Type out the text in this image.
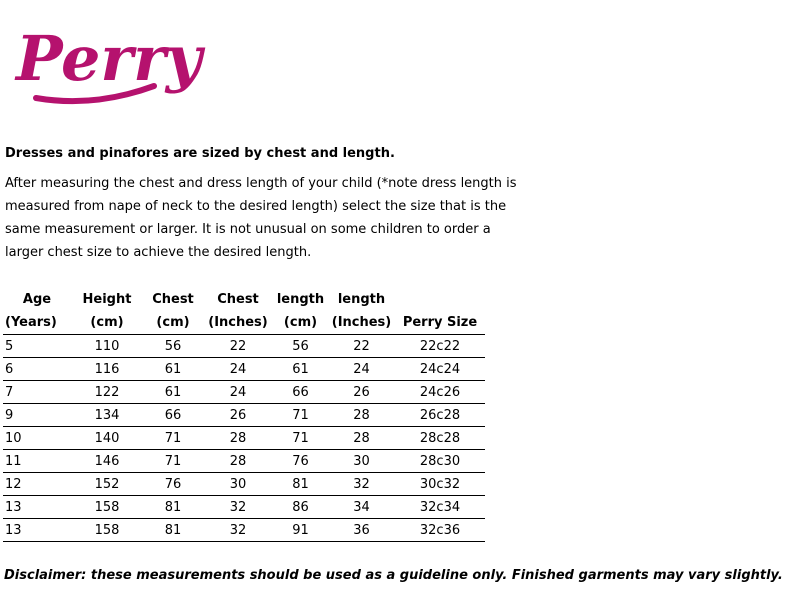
Perry
Dresses and pinafores are sized by chest and length.
After measuring the chest and dress length of your child (*note dress length is
measured from nape of neck to the desired length) select the size that is the
same measurement or larger. It is not unusual on some children to order a
larger chest size to achieve the desired length.
Age	Height	Chest	Chest	length	length	
(Years)	(cm)	(cm)	(Inches)	(cm)	(Inches)	Perry Size
5	110	56	22	56	22	22c22
6	116	61	24	61	24	24c24
7	122	61	24	66	26	24c26
9	134	66	26	71	28	26c28
10	140	71	28	71	28	28c28
11	146	71	28	76	30	28c30
12	152	76	30	81	32	30c32
13	158	81	32	86	34	32c34
13	158	81	32	91	36	32c36
Disclaimer: these measurements should be used as a guideline only. Finished garments may vary slightly.
